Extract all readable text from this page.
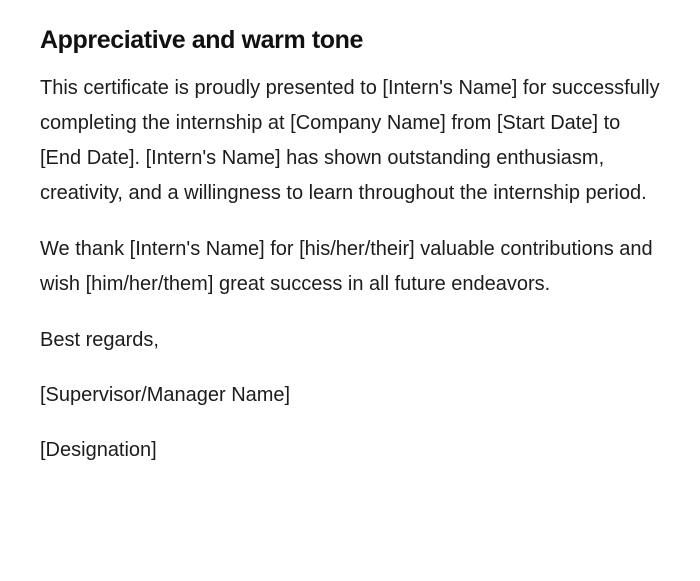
Appreciative and warm tone

This certificate is proudly presented to [Intern's Name] for successfully completing the internship at [Company Name] from [Start Date] to [End Date]. [Intern's Name] has shown outstanding enthusiasm, creativity, and a willingness to learn throughout the internship period.

We thank [Intern's Name] for [his/her/their] valuable contributions and wish [him/her/them] great success in all future endeavors.

Best regards,

[Supervisor/Manager Name]

[Designation]
